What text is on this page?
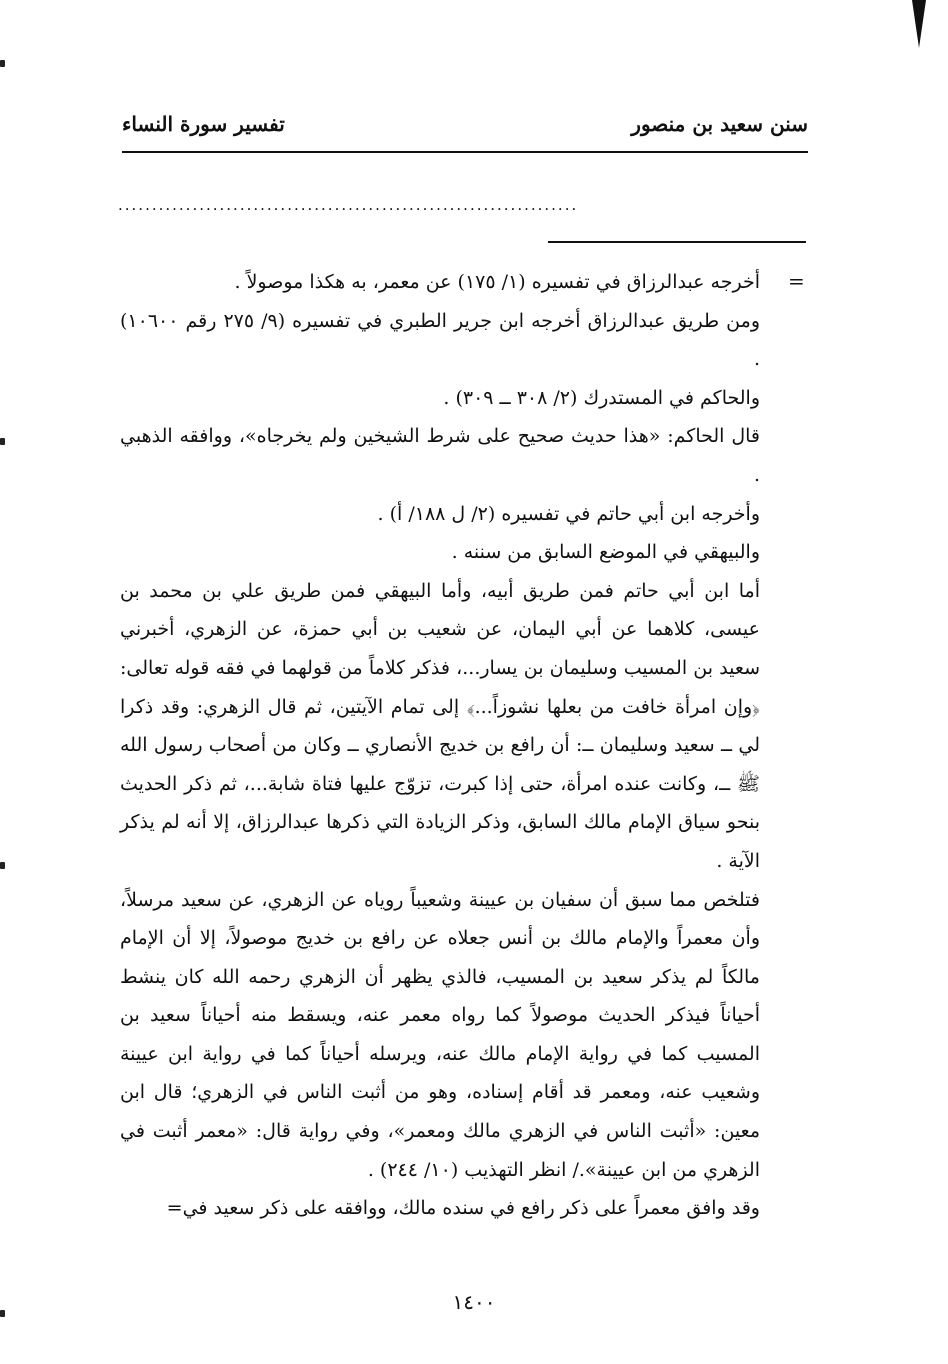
سنن سعيد بن منصور
تفسير سورة النساء
....................................................................
=

أخرجه عبدالرزاق في تفسيره (١/ ١٧٥) عن معمر، به هكذا موصولاً .

ومن طريق عبدالرزاق أخرجه ابن جرير الطبري في تفسيره (٩/ ٢٧٥ رقم ١٠٦٠٠) .

والحاكم في المستدرك (٢/ ٣٠٨ ــ ٣٠٩) .

قال الحاكم: «هذا حديث صحيح على شرط الشيخين ولم يخرجاه»، ووافقه الذهبي .

وأخرجه ابن أبي حاتم في تفسيره (٢/ ل ١٨٨/ أ) .

والبيهقي في الموضع السابق من سننه .

أما ابن أبي حاتم فمن طريق أبيه، وأما البيهقي فمن طريق علي بن محمد بن عيسى، كلاهما عن أبي اليمان، عن شعيب بن أبي حمزة، عن الزهري، أخبرني سعيد بن المسيب وسليمان بن يسار...، فذكر كلاماً من قولهما في فقه قوله تعالى: ﴿وإن امرأة خافت من بعلها نشوزاً...﴾ إلى تمام الآيتين، ثم قال الزهري: وقد ذكرا لي ــ سعيد وسليمان ــ: أن رافع بن خديج الأنصاري ــ وكان من أصحاب رسول الله ﷺ ــ، وكانت عنده امرأة، حتى إذا كبرت، تزوّج عليها فتاة شابة...، ثم ذكر الحديث بنحو سياق الإمام مالك السابق، وذكر الزيادة التي ذكرها عبدالرزاق، إلا أنه لم يذكر الآية .

فتلخص مما سبق أن سفيان بن عيينة وشعيباً روياه عن الزهري، عن سعيد مرسلاً، وأن معمراً والإمام مالك بن أنس جعلاه عن رافع بن خديج موصولاً، إلا أن الإمام مالكاً لم يذكر سعيد بن المسيب، فالذي يظهر أن الزهري رحمه الله كان ينشط أحياناً فيذكر الحديث موصولاً كما رواه معمر عنه، ويسقط منه أحياناً سعيد بن المسيب كما في رواية الإمام مالك عنه، ويرسله أحياناً كما في رواية ابن عيينة وشعيب عنه، ومعمر قد أقام إسناده، وهو من أثبت الناس في الزهري؛ قال ابن معين: «أثبت الناس في الزهري مالك ومعمر»، وفي رواية قال: «معمر أثبت في الزهري من ابن عيينة»./ انظر التهذيب (١٠/ ٢٤٤) .

وقد وافق معمراً على ذكر رافع في سنده مالك، ووافقه على ذكر سعيد في=

١٤٠٠
